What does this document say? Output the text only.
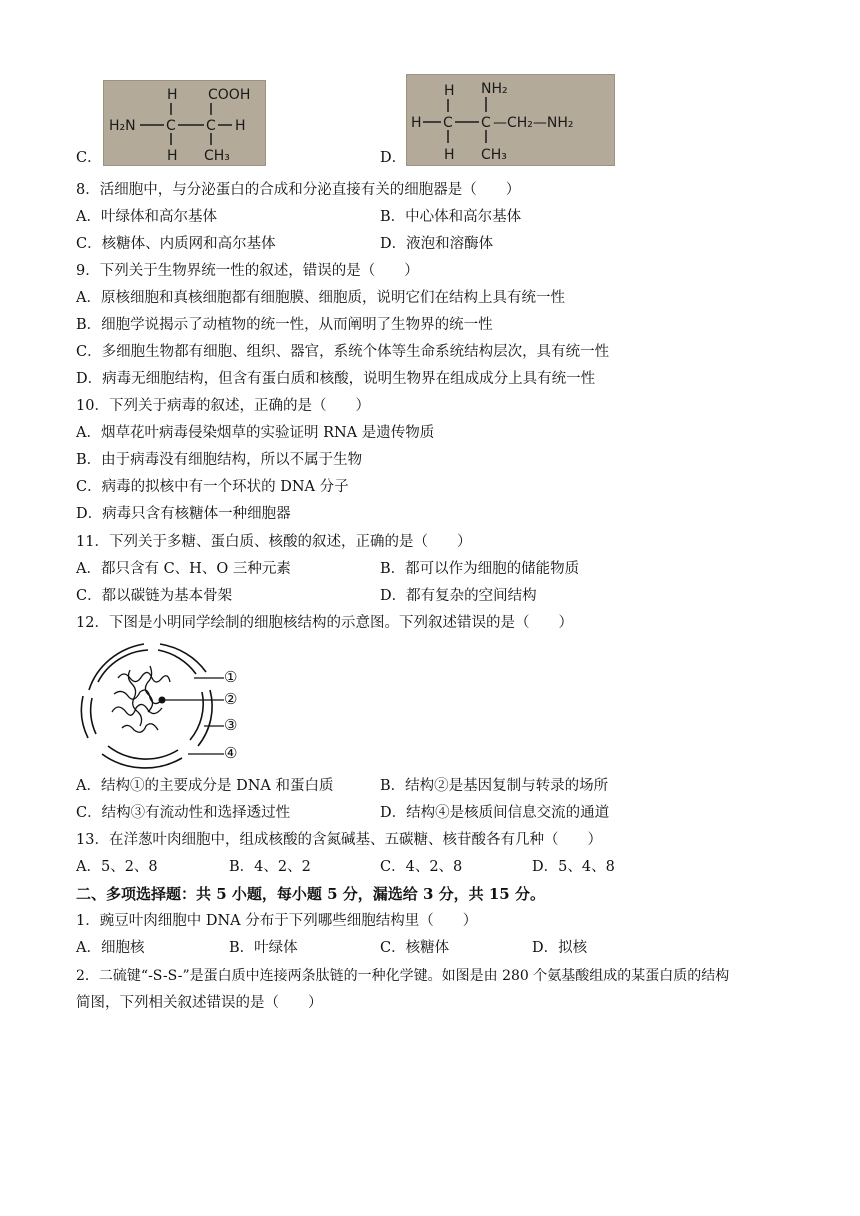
C．
H COOH
H₂N C C H
H CH₃	D．
H NH₂
H C C —CH₂—NH₂
H CH₃
8．活细胞中，与分泌蛋白的合成和分泌直接有关的细胞器是（　　）
A．叶绿体和高尔基体	B．中心体和高尔基体
C．核糖体、内质网和高尔基体	D．液泡和溶酶体
9．下列关于生物界统一性的叙述，错误的是（　　）
A．原核细胞和真核细胞都有细胞膜、细胞质，说明它们在结构上具有统一性
B．细胞学说揭示了动植物的统一性，从而阐明了生物界的统一性
C．多细胞生物都有细胞、组织、器官，系统个体等生命系统结构层次，具有统一性
D．病毒无细胞结构，但含有蛋白质和核酸，说明生物界在组成成分上具有统一性
10．下列关于病毒的叙述，正确的是（　　）
A．烟草花叶病毒侵染烟草的实验证明 RNA 是遗传物质
B．由于病毒没有细胞结构，所以不属于生物
C．病毒的拟核中有一个环状的 DNA 分子
D．病毒只含有核糖体一种细胞器
11．下列关于多糖、蛋白质、核酸的叙述，正确的是（　　）
A．都只含有 C、H、O 三种元素	B．都可以作为细胞的储能物质
C．都以碳链为基本骨架	D．都有复杂的空间结构
12．下图是小明同学绘制的细胞核结构的示意图。下列叙述错误的是（　　）
①
②
③
④
A．结构①的主要成分是 DNA 和蛋白质	B．结构②是基因复制与转录的场所
C．结构③有流动性和选择透过性	D．结构④是核质间信息交流的通道
13．在洋葱叶肉细胞中，组成核酸的含氮碱基、五碳糖、核苷酸各有几种（　　）
A．5、2、8	B．4、2、2	C．4、2、8	D．5、4、8
二、多项选择题：共 5 小题，每小题 5 分，漏选给 3 分，共 15 分。
1．豌豆叶肉细胞中 DNA 分布于下列哪些细胞结构里（　　）
A．细胞核	B．叶绿体	C．核糖体	D．拟核
2．二硫键“-S-S-”是蛋白质中连接两条肽链的一种化学键。如图是由 280 个氨基酸组成的某蛋白质的结构
简图，下列相关叙述错误的是（　　）
